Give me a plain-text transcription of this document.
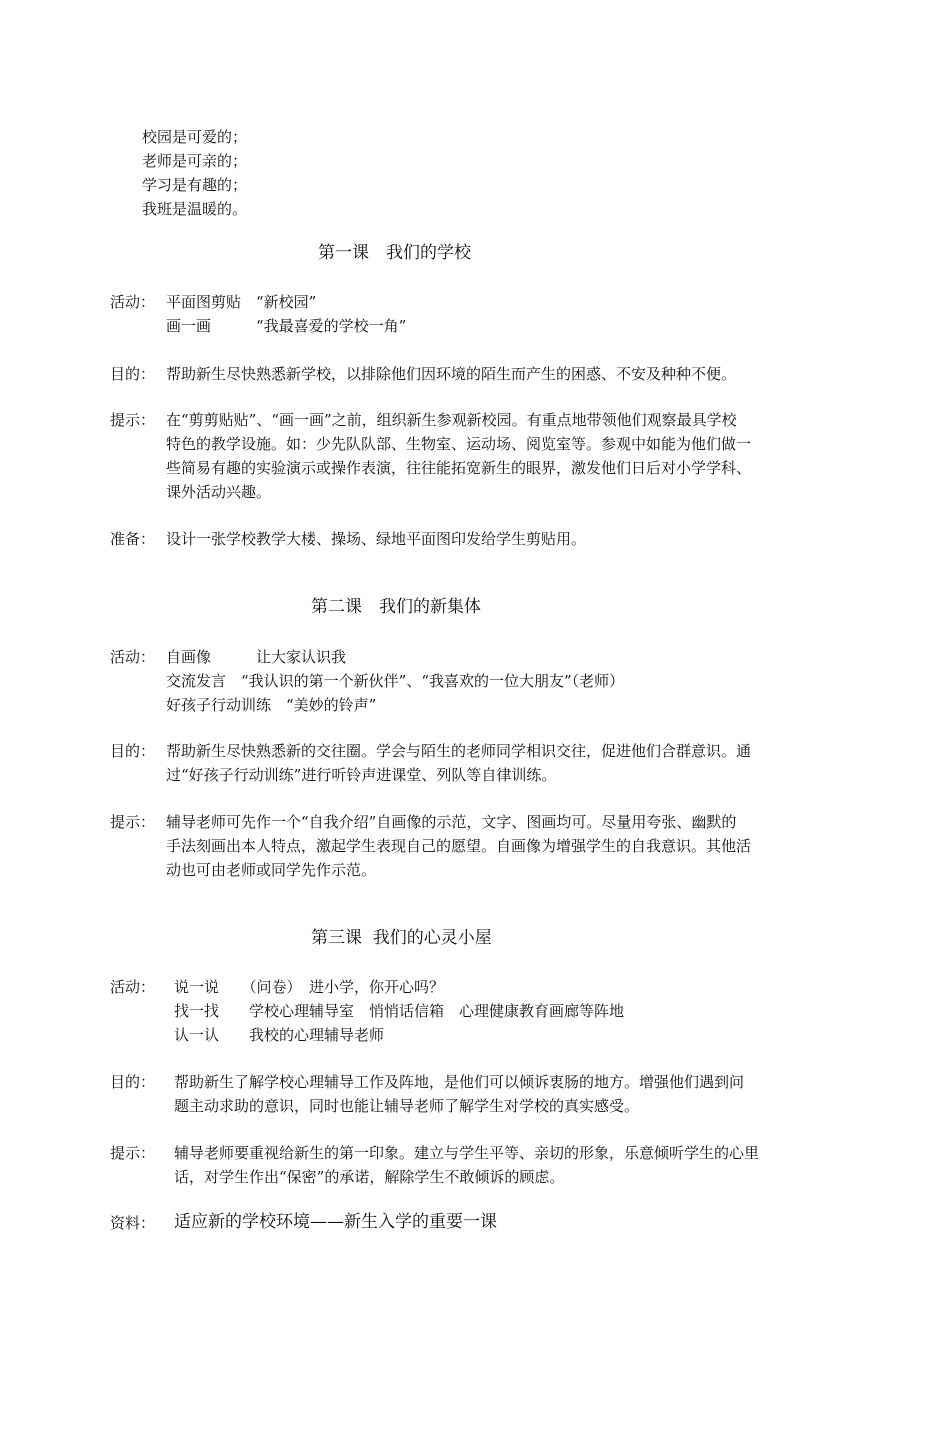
校园是可爱的；
老师是可亲的；
学习是有趣的；
我班是温暖的。
第一课　我们的学校
活动： 平面图剪贴　“新校园”
画一画　　　“我最喜爱的学校一角”
目的： 帮助新生尽快熟悉新学校，以排除他们因环境的陌生而产生的困惑、不安及种种不便。
提示： 在“剪剪贴贴”、“画一画”之前，组织新生参观新校园。有重点地带领他们观察最具学校
特色的教学设施。如：少先队队部、生物室、运动场、阅览室等。参观中如能为他们做一
些简易有趣的实验演示或操作表演，往往能拓宽新生的眼界，激发他们日后对小学学科、
课外活动兴趣。
准备： 设计一张学校教学大楼、操场、绿地平面图印发给学生剪贴用。
第二课　我们的新集体
活动： 自画像　　　让大家认识我
交流发言　“我认识的第一个新伙伴”、“我喜欢的一位大朋友”（老师）
好孩子行动训练　“美妙的铃声”
目的： 帮助新生尽快熟悉新的交往圈。学会与陌生的老师同学相识交往，促进他们合群意识。通
过“好孩子行动训练”进行听铃声进课堂、列队等自律训练。
提示： 辅导老师可先作一个“自我介绍”自画像的示范，文字、图画均可。尽量用夸张、幽默的
手法刻画出本人特点，激起学生表现自己的愿望。自画像为增强学生的自我意识。其他活
动也可由老师或同学先作示范。
第三课  我们的心灵小屋
活动： 说一说　　（问卷）　进小学，你开心吗？
找一找　　学校心理辅导室　悄悄话信箱　心理健康教育画廊等阵地
认一认　　我校的心理辅导老师
目的： 帮助新生了解学校心理辅导工作及阵地，是他们可以倾诉衷肠的地方。增强他们遇到问
题主动求助的意识，同时也能让辅导老师了解学生对学校的真实感受。
提示： 辅导老师要重视给新生的第一印象。建立与学生平等、亲切的形象，乐意倾听学生的心里
话，对学生作出“保密”的承诺，解除学生不敢倾诉的顾虑。
资料： 适应新的学校环境——新生入学的重要一课
